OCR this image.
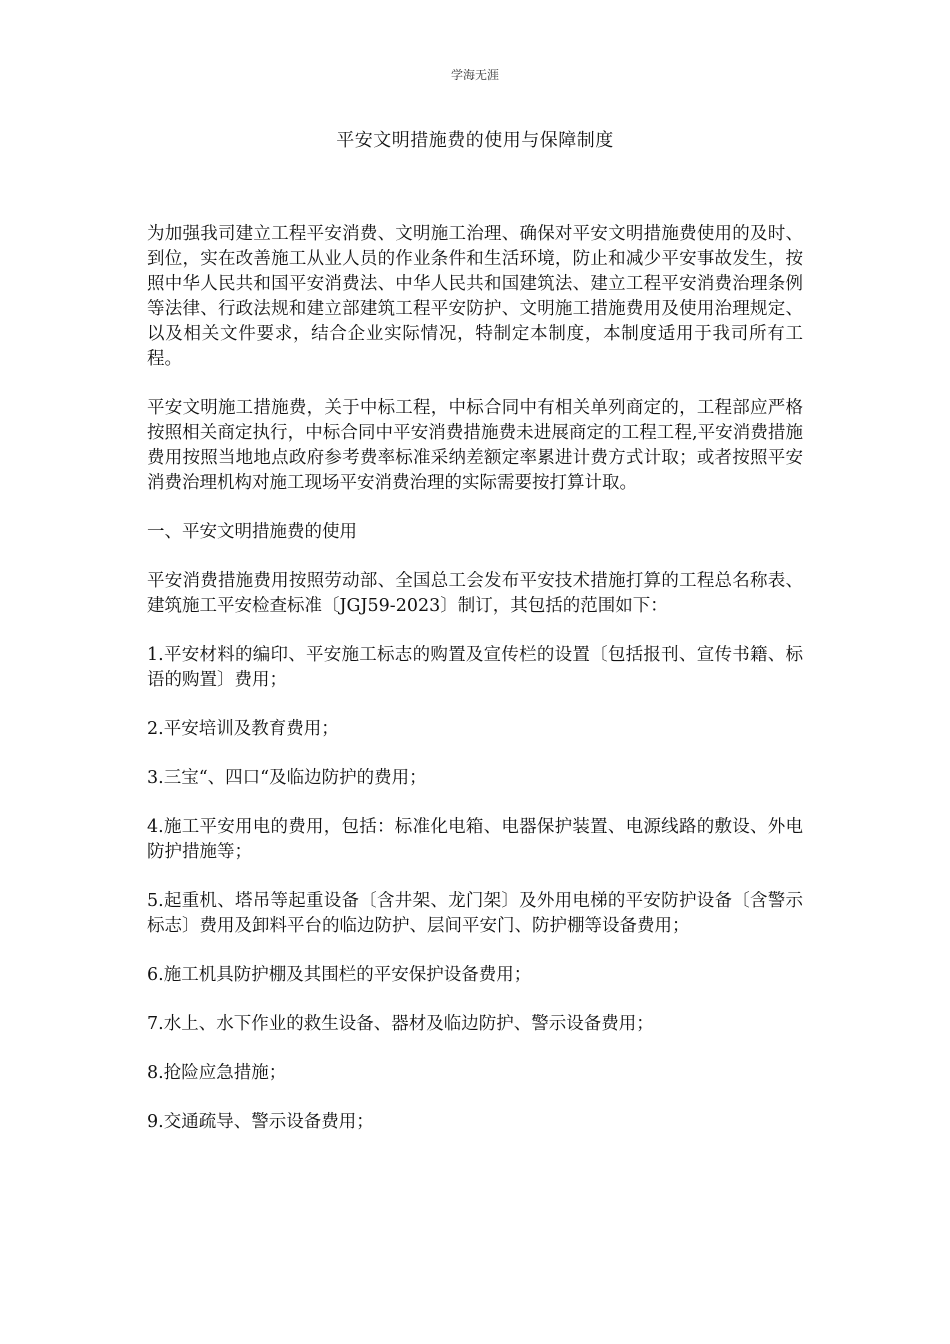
学海无涯
平安文明措施费的使用与保障制度

为加强我司建立工程平安消费、文明施工治理、确保对平安文明措施费使用的及时、到位，实在改善施工从业人员的作业条件和生活环境，防止和减少平安事故发生，按照中华人民共和国平安消费法、中华人民共和国建筑法、建立工程平安消费治理条例等法律、行政法规和建立部建筑工程平安防护、文明施工措施费用及使用治理规定、以及相关文件要求，结合企业实际情况，特制定本制度，本制度适用于我司所有工程。

平安文明施工措施费，关于中标工程，中标合同中有相关单列商定的，工程部应严格按照相关商定执行，中标合同中平安消费措施费未进展商定的工程工程,平安消费措施费用按照当地地点政府参考费率标准采纳差额定率累进计费方式计取；或者按照平安消费治理机构对施工现场平安消费治理的实际需要按打算计取。

一、平安文明措施费的使用

平安消费措施费用按照劳动部、全国总工会发布平安技术措施打算的工程总名称表、建筑施工平安检查标准〔JGJ59-2023〕制订，其包括的范围如下：

1.平安材料的编印、平安施工标志的购置及宣传栏的设置〔包括报刊、宣传书籍、标语的购置〕费用；

2.平安培训及教育费用；

3.三宝“、四口“及临边防护的费用；

4.施工平安用电的费用，包括：标准化电箱、电器保护装置、电源线路的敷设、外电防护措施等；

5.起重机、塔吊等起重设备〔含井架、龙门架〕及外用电梯的平安防护设备〔含警示标志〕费用及卸料平台的临边防护、层间平安门、防护棚等设备费用；

6.施工机具防护棚及其围栏的平安保护设备费用；

7.水上、水下作业的救生设备、器材及临边防护、警示设备费用；

8.抢险应急措施；

9.交通疏导、警示设备费用；
